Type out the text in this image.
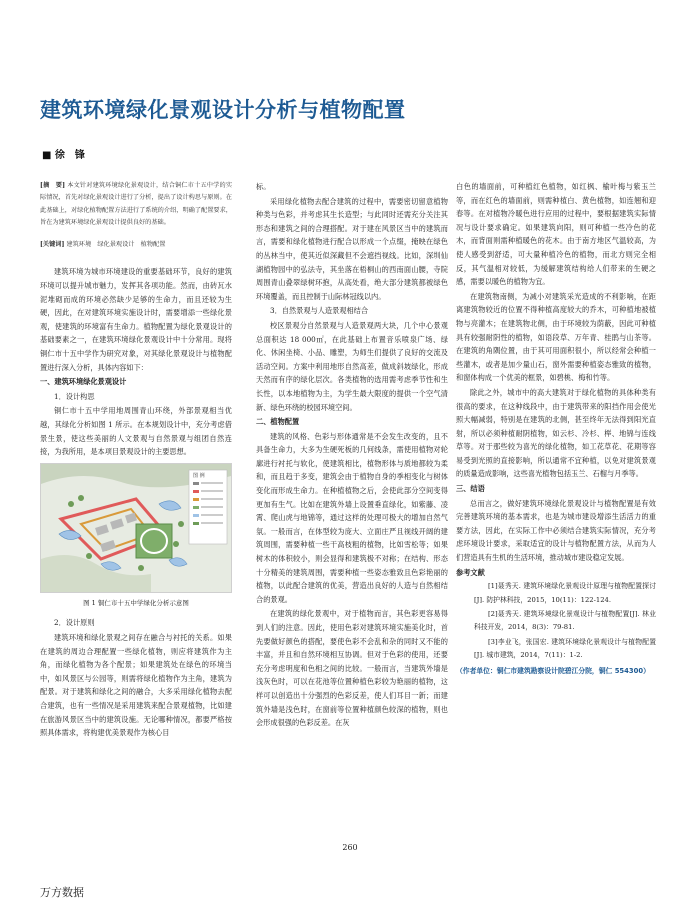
建筑环境绿化景观设计分析与植物配置
■ 徐　锋
[摘　要] 本文针对建筑环境绿化景观设计，结合铜仁市十五中学的实际情况，首先对绿化景观设计进行了分析，提出了设计构思与原则。在此基础上，对绿化植物配置方法进行了系统的介绍，明确了配置要求，旨在为建筑环境绿化景观设计提供良好的基础。
[关键词] 建筑环境　绿化景观设计　植物配置

建筑环境为城市环境建设的重要基础环节，良好的建筑环境可以提升城市魅力，发挥其各项功能。然而，由砖瓦水泥堆砌而成的环境必然缺少足够的生命力，而且还较为生硬，因此，在对建筑环境实施设计时，需要增添一些绿化景观，使建筑的环境富有生命力。植物配置为绿化景观设计的基础要素之一，在建筑环境绿化景观设计中十分常用。现将铜仁市十五中学作为研究对象，对其绿化景观设计与植物配置进行深入分析，具体内容如下：

一、建筑环境绿化景观设计

1．设计构思

铜仁市十五中学用地周围青山环绕，外部景观相当优越，其绿化分析如图 1 所示。在本规划设计中，充分考虑借景生景，使这些美丽的人文景观与自然景观与组团自然连接，为我所用，是本项目景观设计的主要思想。

图 例
图 1 铜仁市十五中学绿化分析示意图

2．设计原则

建筑环境和绿化景观之间存在融合与衬托的关系。如果在建筑的周边合理配置一些绿化植物，则应将建筑作为主角，而绿化植物为各个配景；如果建筑处在绿色的环境当中，如风景区与公园等，则需将绿化植物作为主角，建筑为配景。对于建筑和绿化之间的融合，大多采用绿化植物去配合建筑，也有一些情况是采用建筑来配合景观植物，比如建在旅游风景区当中的建筑设施。无论哪种情况，都要严格按照具体需求，将构建优美景观作为核心目

标。

采用绿化植物去配合建筑的过程中，需要密切留意植物种类与色彩，并考虑其生长造型；与此同时还需充分关注其形态和建筑之间的合理搭配。对于建在风景区当中的建筑而言，需要和绿化植物进行配合以形成一个点缀，掩映在绿色的丛林当中，使其近似深藏但不会遮挡视线。比如，深圳仙湖植物园中的弘法寺，其坐落在梧桐山的西南面山腰，寺院周围青山叠翠绿树环抱，从高处看，绝大部分建筑都被绿色环境覆盖，而且控制于山际林冠线以内。

3．自然景观与人造景观相结合

校区景观分自然景观与人造景观两大块，几个中心景观总面积达 18 000㎡，在此基础上布置音乐喷泉广场、绿化、休闲坐椅、小品、雕塑，为师生们提供了良好的交流及活动空间。方案中利用地形自然高差，做成斜坡绿化，形成天然而有序的绿化层次。各类植物的选用需考虑季节性和生长性，以本地植物为主，为学生最大限度的提供一个空气清新、绿色环绕的校园环境空间。

二、植物配置

建筑的风格、色彩与形体通常是不会发生改变的，且不具备生命力，大多为生硬死板的几何线条，需使用植物对轮廓进行衬托与软化，使建筑相比，植物形体与质地都较为柔和，而且趋于多变，建筑会由于植物自身的季相变化与树体变化而形成生命力。在种植植物之后，会使此部分空间变得更加有生气。比如在建筑外墙上设置垂直绿化，如紫藤、凌霄、爬山虎与地锦等，通过这样的处理可极大的增加自然气氛。一般而言，在体型较为庞大、立面庄严且视线开阔的建筑周围，需要种植一些干高枝粗的植物，比如雪松等；如果树木的体积较小，则会显得和建筑极不对称；在结构、形态十分精美的建筑周围，需要种植一些姿态雅致且色彩艳丽的植物，以此配合建筑的优美，营造出良好的人造与自然相结合的景观。

在建筑的绿化景观中，对于植物而言，其色彩更容易得到人们的注意。因此，使用色彩对建筑环境实施美化时，首先要做好颜色的搭配，要使色彩不会乱和杂的同时又不能的丰富，并且和自然环境相互协调。但对于色彩的使用，还要充分考虑明度和色相之间的比较。一般而言，当建筑外墙是浅灰色时，可以在花池等位置种植色彩较为艳丽的植物，这样可以创造出十分强烈的色彩反差，使人们耳目一新；而建筑外墙是浅色时，在窗前等位置种植颜色较深的植物，则也会形成很强的色彩反差。在灰

白色的墙面前，可种植红色植物，如红枫、榆叶梅与紫玉兰等，而在红色的墙面前，则需种植白、黄色植物，如连翘和迎春等。在对植物冷暖色进行应用的过程中，要根据建筑实际情况与设计要求确定。如果建筑向阳，则可种植一些冷色的花木，而背面则需种植暖色的花木。由于南方地区气温较高，为使人感受到舒适，可大量种植冷色的植物，而北方则完全相反，其气温相对较低，为缓解建筑结构给人们带来的生硬之感，需要以暖色的植物为宜。

在建筑物南侧，为减小对建筑采光造成的不利影响，在距离建筑物较近的位置不得种植高度较大的乔木，可种植地被植物与亮灌木；在建筑物北侧，由于环境较为荫蔽，因此可种植具有较强耐阴性的植物，如语段草、万年青、桂鹃与山茶等。在建筑的角隅位置，由于其可用面积很小，所以经常会种植一些灌木，或者是加少量山石，窗外需要种植姿态雅致的植物，和窗体构成一个优美的框景，如碧桃、梅和竹等。

除此之外，城市中的高大建筑对于绿化植物的具体种类有很高的要求，在这种线段中，由于建筑带来的阳挡作用会使光照大幅减弱，特别是在建筑的北侧，甚至终年无法得到阳光直射，所以必须种植耐阴植物，如云杉、冷杉、榉、地锦与连线草等。对于那些较为喜光的绿化植物，如工花草花、花期等容易受到光照的直接影响，所以通常不宜种植，以免对建筑景观的质量造成影响，这些喜光植物包括玉兰、石榴与月季等。

三、结语

总而言之，做好建筑环境绿化景观设计与植物配置是有效完善建筑环境的基本需求，也是为城市建设增添生活活力的重要方法，因此，在实际工作中必须结合建筑实际情况，充分考虑环境设计要求，采取适宜的设计与植物配置方法，从而为人们营造具有生机的生活环境，推动城市建设稳定发展。

参考文献

[1]聂秀天. 建筑环境绿化景观设计原理与植物配置探讨[J]. 防护林科技，2015，10(11)：122-124.

[2]聂秀天. 建筑环境绿化景观设计与植物配置[J]. 林业科技开发，2014，8(3)：79-81.

[3]李业飞，张国宏. 建筑环境绿化景观设计与植物配置[J]. 城市建筑，2014，7(11)：1-2.

（作者单位：铜仁市建筑勘察设计院碧江分院，铜仁 554300）
260
万方数据
